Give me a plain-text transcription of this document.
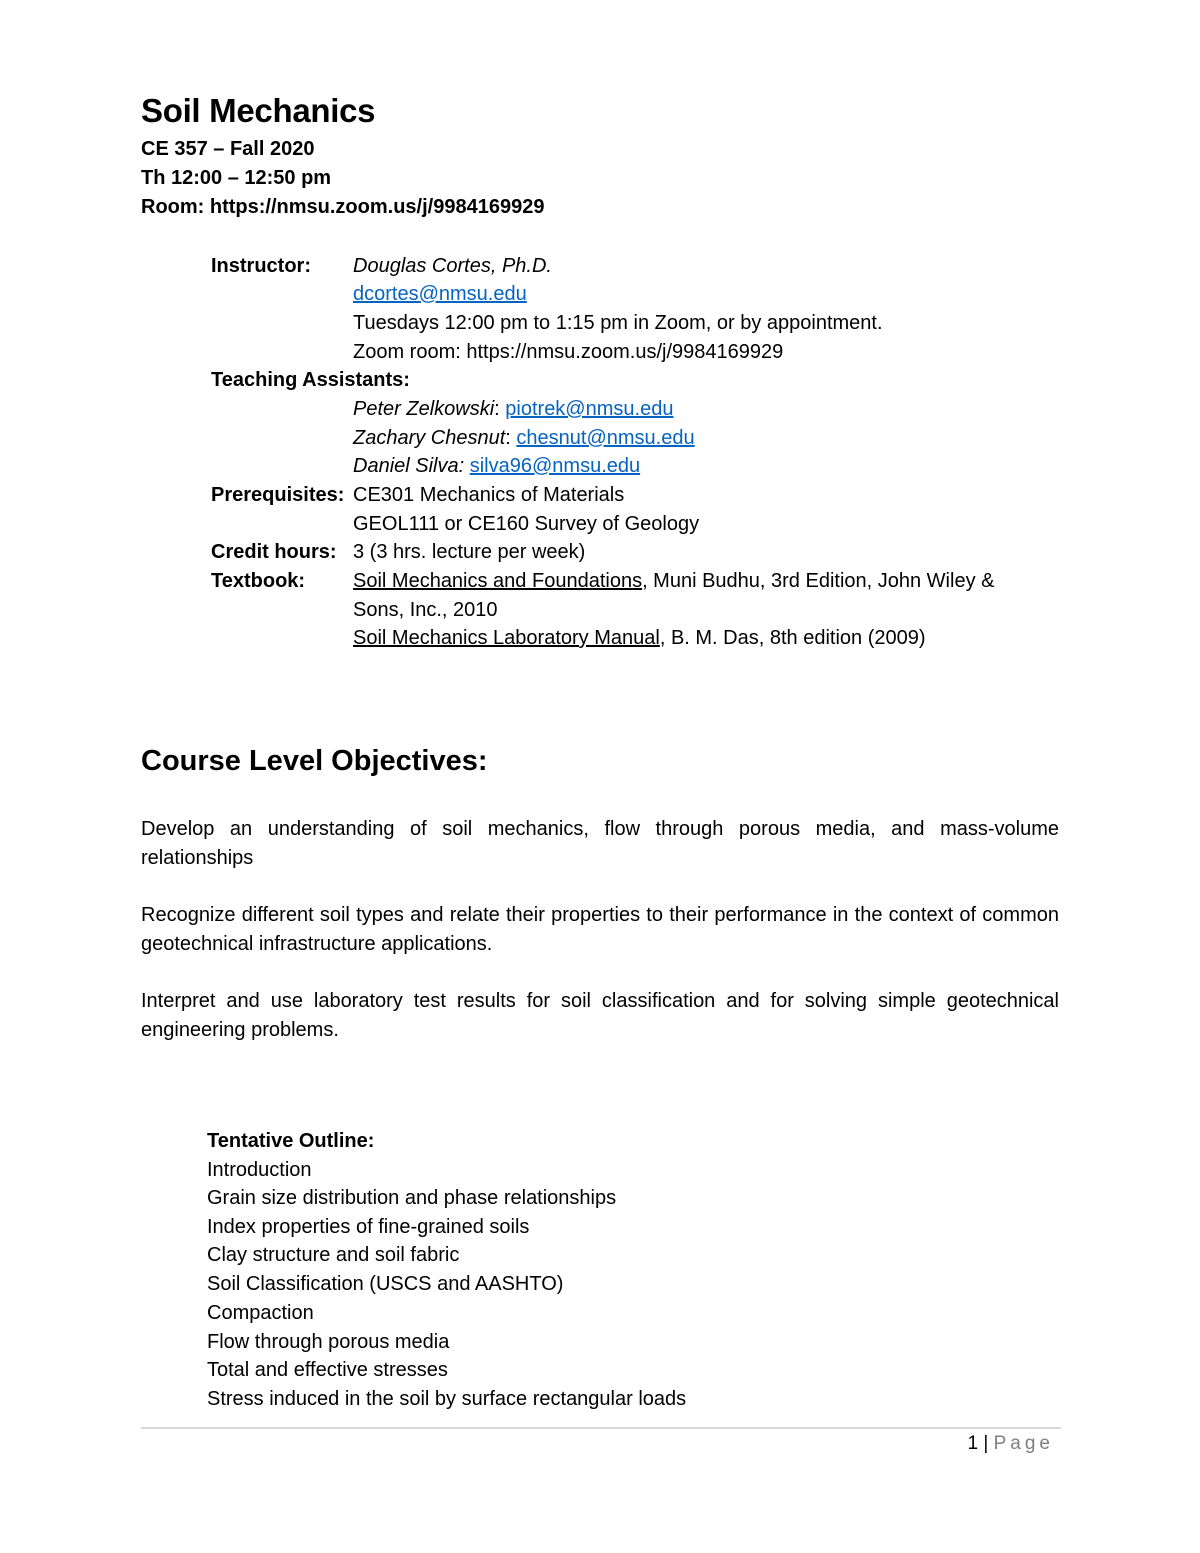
Soil Mechanics
CE 357 – Fall 2020
Th 12:00 – 12:50 pm
Room: https://nmsu.zoom.us/j/9984169929
Instructor: Douglas Cortes, Ph.D.
dcortes@nmsu.edu
Tuesdays 12:00 pm to 1:15 pm in Zoom, or by appointment.
Zoom room: https://nmsu.zoom.us/j/9984169929
Teaching Assistants:
Peter Zelkowski: piotrek@nmsu.edu
Zachary Chesnut: chesnut@nmsu.edu
Daniel Silva: silva96@nmsu.edu
Prerequisites: CE301 Mechanics of Materials
GEOL111 or CE160 Survey of Geology
Credit hours: 3 (3 hrs. lecture per week)
Textbook: Soil Mechanics and Foundations, Muni Budhu, 3rd Edition, John Wiley &
Sons, Inc., 2010
Soil Mechanics Laboratory Manual, B. M. Das, 8th edition (2009)
Course Level Objectives:
Develop an understanding of soil mechanics, flow through porous media, and mass-volume relationships
Recognize different soil types and relate their properties to their performance in the context of common geotechnical infrastructure applications.
Interpret and use laboratory test results for soil classification and for solving simple geotechnical engineering problems.
Tentative Outline:
Introduction
Grain size distribution and phase relationships
Index properties of fine-grained soils
Clay structure and soil fabric
Soil Classification (USCS and AASHTO)
Compaction
Flow through porous media
Total and effective stresses
Stress induced in the soil by surface rectangular loads
1 | Page
